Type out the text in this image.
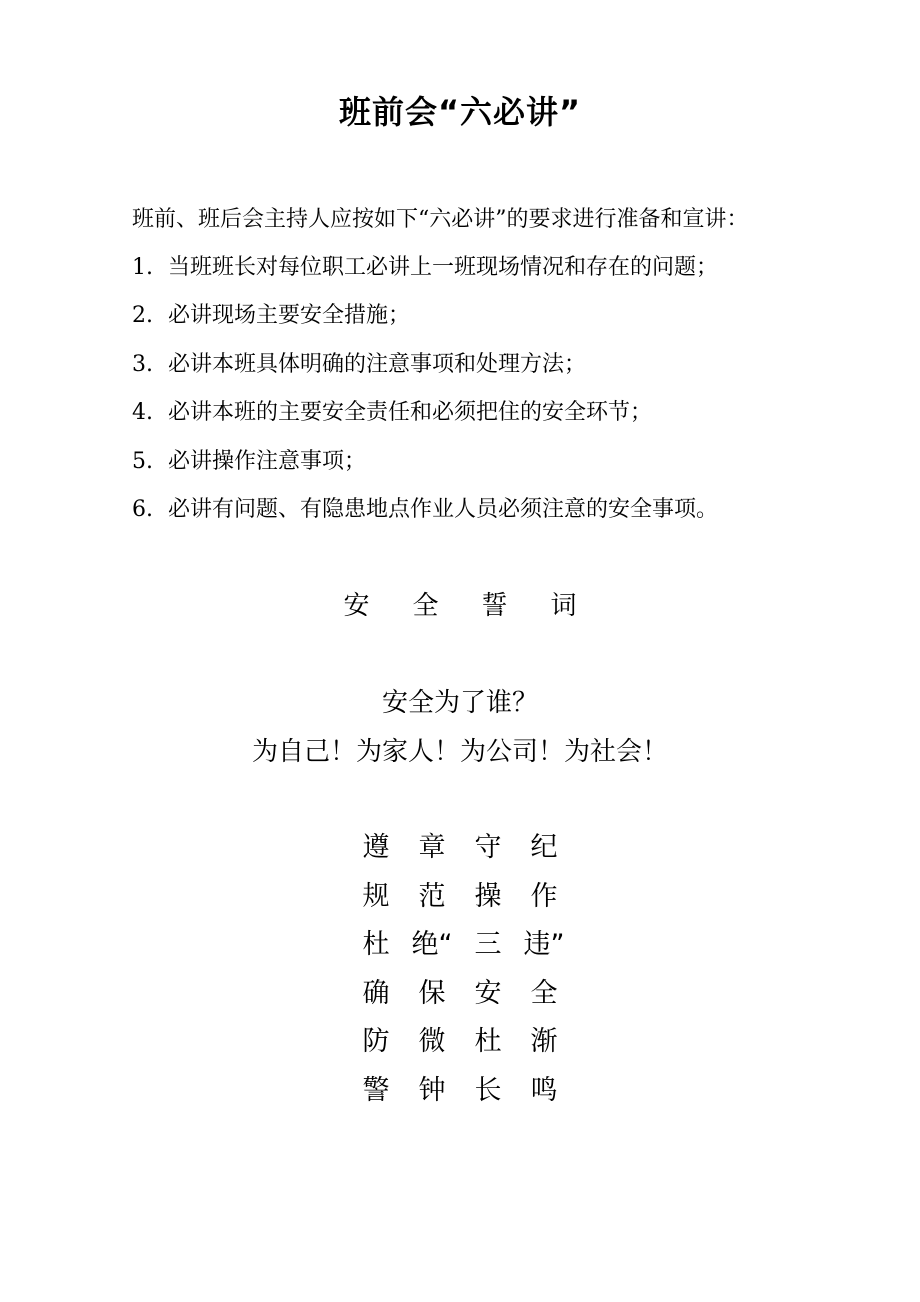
班前会“六必讲”
班前、班后会主持人应按如下“六必讲”的要求进行准备和宣讲：
1. 当班班长对每位职工必讲上一班现场情况和存在的问题；
2. 必讲现场主要安全措施；
3. 必讲本班具体明确的注意事项和处理方法；
4. 必讲本班的主要安全责任和必须把住的安全环节；
5. 必讲操作注意事项；
6. 必讲有问题、有隐患地点作业人员必须注意的安全事项。
安 全 誓 词
安全为了谁？
为自己！为家人！为公司！为社会！
遵 章 守 纪
规 范 操 作
杜 绝“ 三 违”
确 保 安 全
防 微 杜 渐
警 钟 长 鸣
